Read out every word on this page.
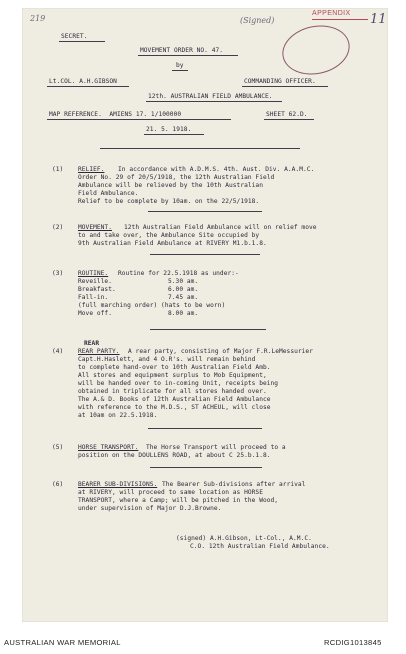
219	(Signed)
APPENDIX 11
SECRET.
MOVEMENT ORDER NO. 47.
by
Lt.COL. A.H.GIBSON	COMMANDING OFFICER.
12th. AUSTRALIAN FIELD AMBULANCE.
MAP REFERENCE.  AMIENS 17. 1/100000	SHEET 62.D.
21. 5. 1918.
(1) RELIEF. In accordance with A.D.M.S. 4th. Aust. Div. A.A.M.C.
Order No. 29 of 20/5/1918, the 12th Australian Field
Ambulance will be relieved by the 10th Australian
Field Ambulance.
Relief to be complete by 10am. on the 22/5/1918.
(2) MOVEMENT. 12th Australian Field Ambulance will on relief move
to and take over, the Ambulance Site occupied by
9th Australian Field Ambulance at RIVERY M1.b.1.8.
(3) ROUTINE. Routine for 22.5.1918 as under:-
Reveille.	5.30 am.
Breakfast.	6.00 am.
Fall-in.	7.45 am.
(full marching order) (hats to be worn)
Move off.	8.00 am.
REAR
(4) REAR PARTY. A rear party, consisting of Major F.R.LeMessurier
Capt.H.Haslett, and 4 O.R's. will remain behind
to complete hand-over to 10th Australian Field Amb.
All stores and equipment surplus to Mob Equipment,
will be handed over to in-coming Unit, receipts being
obtained in triplicate for all stores handed over.
The A.& D. Books of 12th Australian Field Ambulance
with reference to the M.D.S., ST ACHEUL, will close
at 10am on 22.5.1918.
(5) HORSE TRANSPORT. The Horse Transport will proceed to a
position on the DOULLENS ROAD, at about C 25.b.1.8.
(6) BEARER SUB-DIVISIONS. The Bearer Sub-divisions after arrival
at RIVERY, will proceed to same location as HORSE
TRANSPORT, where a Camp; will be pitched in the Wood,
under supervision of Major D.J.Browne.
(signed) A.H.Gibson, Lt-Col., A.M.C.
C.O. 12th Australian Field Ambulance.
AUSTRALIAN WAR MEMORIAL	RCDIG1013845
